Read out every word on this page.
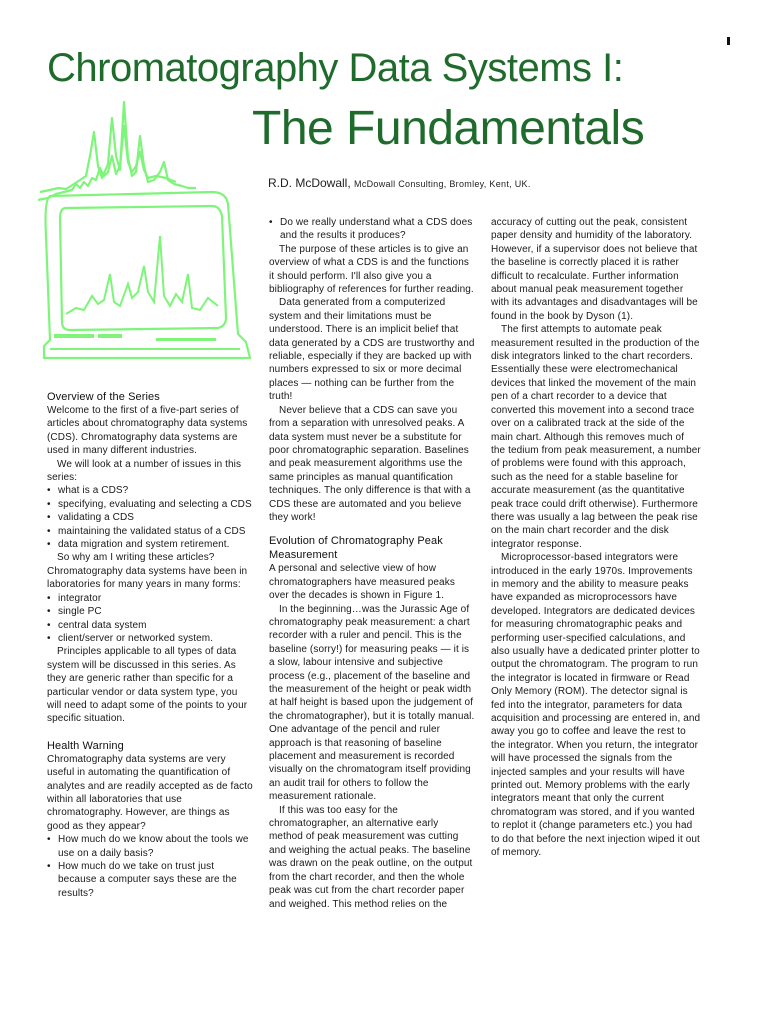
Chromatography Data Systems I:
The Fundamentals
R.D. McDowall, McDowall Consulting, Bromley, Kent, UK.
Overview of the Series

Welcome to the first of a five-part series of articles about chromatography data systems (CDS). Chromatography data systems are used in many different industries.

We will look at a number of issues in this series:

• what is a CDS?
• specifying, evaluating and selecting a CDS
• validating a CDS
• maintaining the validated status of a CDS
• data migration and system retirement.

So why am I writing these articles? Chromatography data systems have been in laboratories for many years in many forms:

• integrator
• single PC
• central data system
• client/server or networked system.

Principles applicable to all types of data system will be discussed in this series. As they are generic rather than specific for a particular vendor or data system type, you will need to adapt some of the points to your specific situation.

Health Warning

Chromatography data systems are very useful in automating the quantification of analytes and are readily accepted as de facto within all laboratories that use chromatography. However, are things as good as they appear?

• How much do we know about the tools we use on a daily basis?
• How much do we take on trust just because a computer says these are the results?
• Do we really understand what a CDS does and the results it produces?

The purpose of these articles is to give an overview of what a CDS is and the functions it should perform. I'll also give you a bibliography of references for further reading.

Data generated from a computerized system and their limitations must be understood. There is an implicit belief that data generated by a CDS are trustworthy and reliable, especially if they are backed up with numbers expressed to six or more decimal places — nothing can be further from the truth!

Never believe that a CDS can save you from a separation with unresolved peaks. A data system must never be a substitute for poor chromatographic separation. Baselines and peak measurement algorithms use the same principles as manual quantification techniques. The only difference is that with a CDS these are automated and you believe they work!

Evolution of Chromatography Peak Measurement

A personal and selective view of how chromatographers have measured peaks over the decades is shown in Figure 1.

In the beginning…was the Jurassic Age of chromatography peak measurement: a chart recorder with a ruler and pencil. This is the baseline (sorry!) for measuring peaks — it is a slow, labour intensive and subjective process (e.g., placement of the baseline and the measurement of the height or peak width at half height is based upon the judgement of the chromatographer), but it is totally manual. One advantage of the pencil and ruler approach is that reasoning of baseline placement and measurement is recorded visually on the chromatogram itself providing an audit trail for others to follow the measurement rationale.

If this was too easy for the chromatographer, an alternative early method of peak measurement was cutting and weighing the actual peaks. The baseline was drawn on the peak outline, on the output from the chart recorder, and then the whole peak was cut from the chart recorder paper and weighed. This method relies on the

accuracy of cutting out the peak, consistent paper density and humidity of the laboratory. However, if a supervisor does not believe that the baseline is correctly placed it is rather difficult to recalculate. Further information about manual peak measurement together with its advantages and disadvantages will be found in the book by Dyson (1).

The first attempts to automate peak measurement resulted in the production of the disk integrators linked to the chart recorders. Essentially these were electromechanical devices that linked the movement of the main pen of a chart recorder to a device that converted this movement into a second trace over on a calibrated track at the side of the main chart. Although this removes much of the tedium from peak measurement, a number of problems were found with this approach, such as the need for a stable baseline for accurate measurement (as the quantitative peak trace could drift otherwise). Furthermore there was usually a lag between the peak rise on the main chart recorder and the disk integrator response.

Microprocessor-based integrators were introduced in the early 1970s. Improvements in memory and the ability to measure peaks have expanded as microprocessors have developed. Integrators are dedicated devices for measuring chromatographic peaks and performing user-specified calculations, and also usually have a dedicated printer plotter to output the chromatogram. The program to run the integrator is located in firmware or Read Only Memory (ROM). The detector signal is fed into the integrator, parameters for data acquisition and processing are entered in, and away you go to coffee and leave the rest to the integrator. When you return, the integrator will have processed the signals from the injected samples and your results will have printed out. Memory problems with the early integrators meant that only the current chromatogram was stored, and if you wanted to replot it (change parameters etc.) you had to do that before the next injection wiped it out of memory.
